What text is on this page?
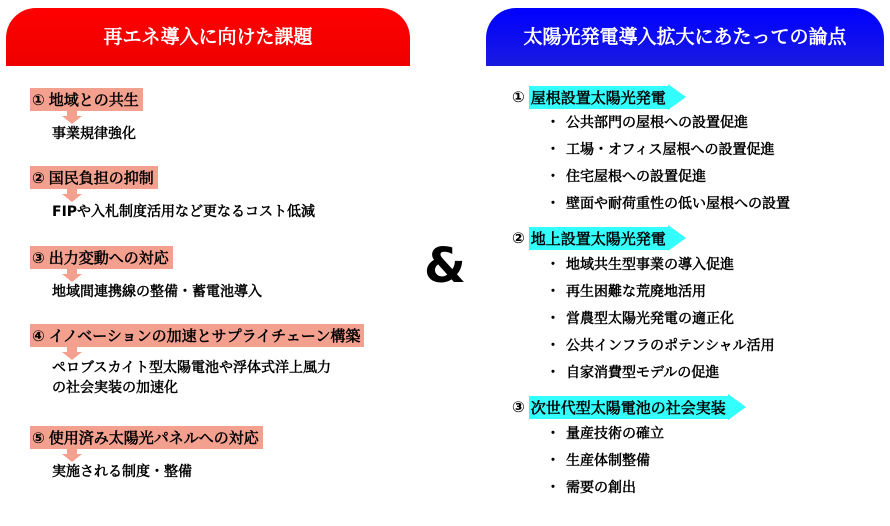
再エネ導入に向けた課題
① 地域との共生
事業規律強化
② 国民負担の抑制
FIPや入札制度活用など更なるコスト低減
③ 出力変動への対応
地域間連携線の整備・蓄電池導入
④ イノベーションの加速とサプライチェーン構築
ペロブスカイト型太陽電池や浮体式洋上風力
の社会実装の加速化
⑤ 使用済み太陽光パネルへの対応
実施される制度・整備
&
太陽光発電導入拡大にあたっての論点
① 屋根設置太陽光発電
・ 公共部門の屋根への設置促進
・ 工場・オフィス屋根への設置促進
・ 住宅屋根への設置促進
・ 壁面や耐荷重性の低い屋根への設置
② 地上設置太陽光発電
・ 地域共生型事業の導入促進
・ 再生困難な荒廃地活用
・ 営農型太陽光発電の適正化
・ 公共インフラのポテンシャル活用
・ 自家消費型モデルの促進
③ 次世代型太陽電池の社会実装
・ 量産技術の確立
・ 生産体制整備
・ 需要の創出
